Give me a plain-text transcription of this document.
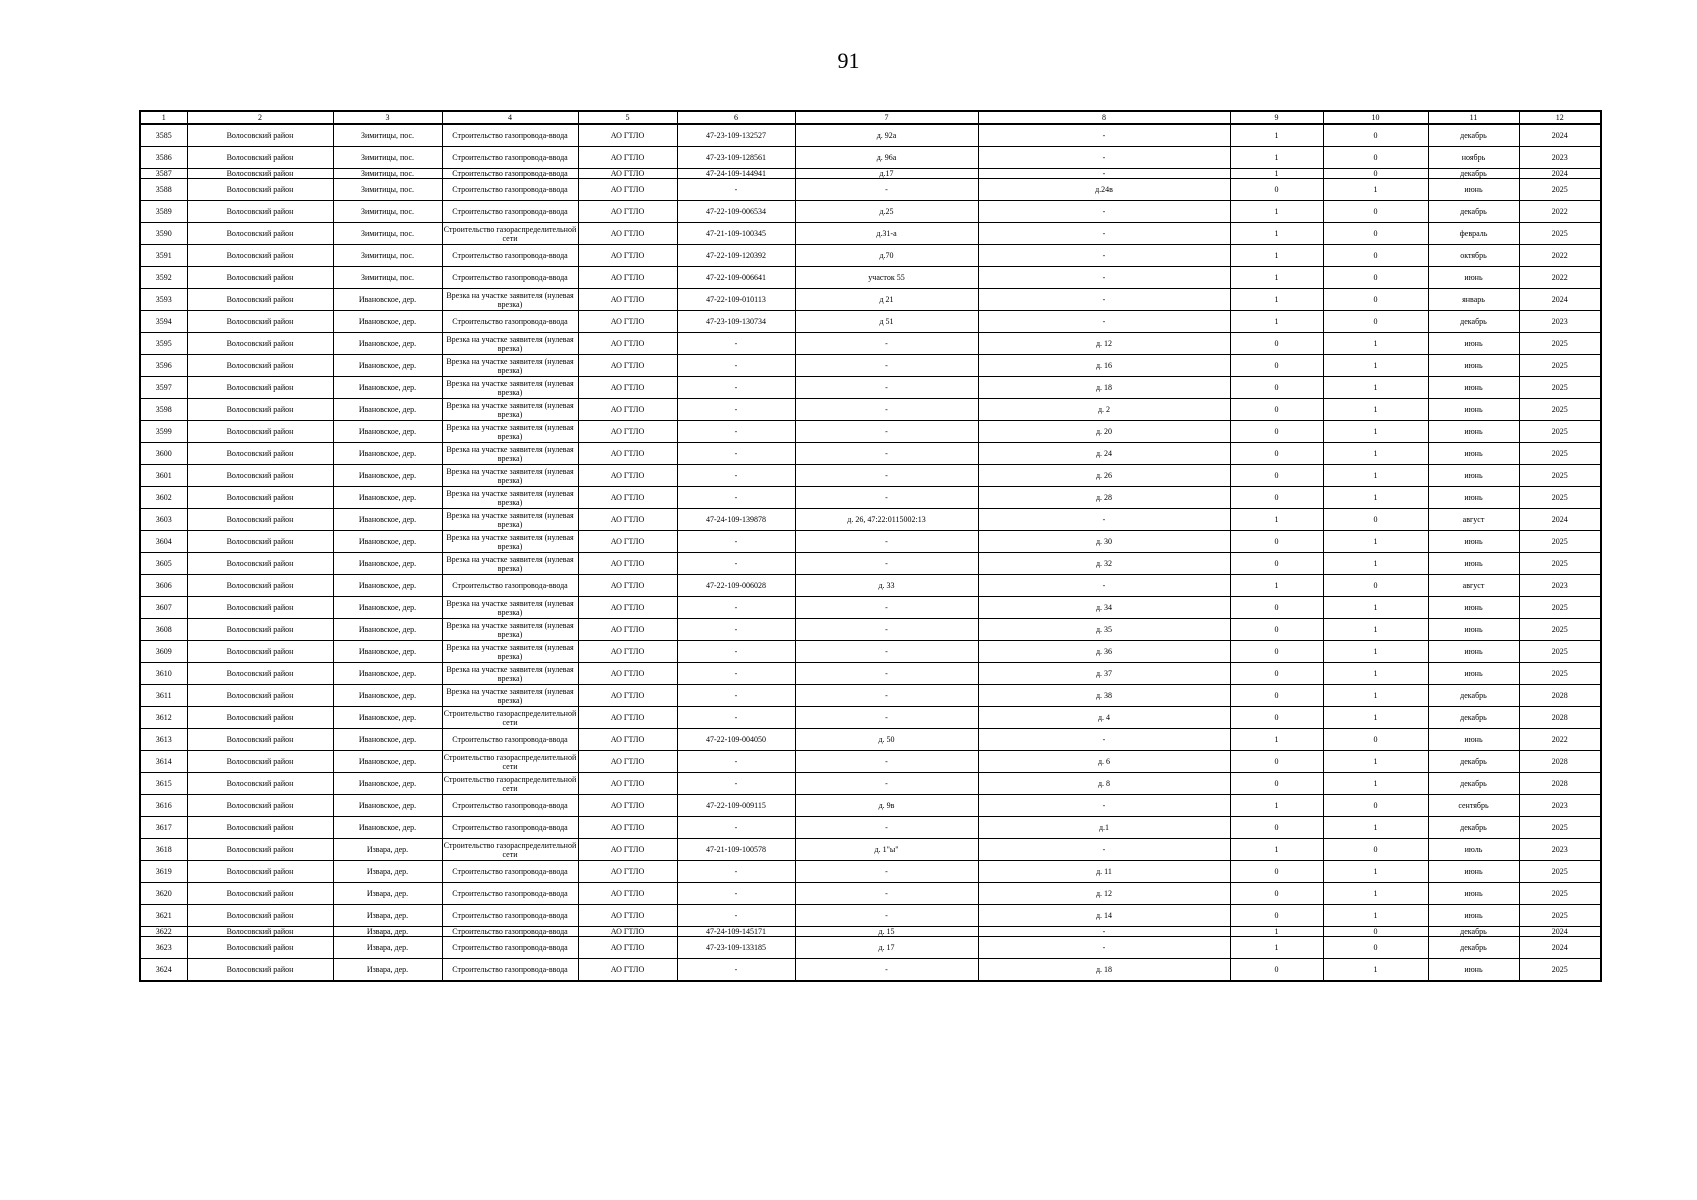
91
1	2	3	4	5	6	7	8	9	10	11	12
3585	Волосовский район	Зимитицы, пос.	Строительство газопровода-ввода	АО ГТЛО	47-23-109-132527	д. 92а	-	1	0	декабрь	2024
3586	Волосовский район	Зимитицы, пос.	Строительство газопровода-ввода	АО ГТЛО	47-23-109-128561	д. 96а	-	1	0	ноябрь	2023
3587	Волосовский район	Зимитицы, пос.	Строительство газопровода-ввода	АО ГТЛО	47-24-109-144941	д.17	-	1	0	декабрь	2024
3588	Волосовский район	Зимитицы, пос.	Строительство газопровода-ввода	АО ГТЛО	-	-	д.24в	0	1	июнь	2025
3589	Волосовский район	Зимитицы, пос.	Строительство газопровода-ввода	АО ГТЛО	47-22-109-006534	д.25	-	1	0	декабрь	2022
3590	Волосовский район	Зимитицы, пос.	Строительство газораспределительной сети	АО ГТЛО	47-21-109-100345	д.31-а	-	1	0	февраль	2025
3591	Волосовский район	Зимитицы, пос.	Строительство газопровода-ввода	АО ГТЛО	47-22-109-120392	д.70	-	1	0	октябрь	2022
3592	Волосовский район	Зимитицы, пос.	Строительство газопровода-ввода	АО ГТЛО	47-22-109-006641	участок 55	-	1	0	июнь	2022
3593	Волосовский район	Ивановское, дер.	Врезка на участке заявителя (нулевая врезка)	АО ГТЛО	47-22-109-010113	д 21	-	1	0	январь	2024
3594	Волосовский район	Ивановское, дер.	Строительство газопровода-ввода	АО ГТЛО	47-23-109-130734	д 51	-	1	0	декабрь	2023
3595	Волосовский район	Ивановское, дер.	Врезка на участке заявителя (нулевая врезка)	АО ГТЛО	-	-	д. 12	0	1	июнь	2025
3596	Волосовский район	Ивановское, дер.	Врезка на участке заявителя (нулевая врезка)	АО ГТЛО	-	-	д. 16	0	1	июнь	2025
3597	Волосовский район	Ивановское, дер.	Врезка на участке заявителя (нулевая врезка)	АО ГТЛО	-	-	д. 18	0	1	июнь	2025
3598	Волосовский район	Ивановское, дер.	Врезка на участке заявителя (нулевая врезка)	АО ГТЛО	-	-	д. 2	0	1	июнь	2025
3599	Волосовский район	Ивановское, дер.	Врезка на участке заявителя (нулевая врезка)	АО ГТЛО	-	-	д. 20	0	1	июнь	2025
3600	Волосовский район	Ивановское, дер.	Врезка на участке заявителя (нулевая врезка)	АО ГТЛО	-	-	д. 24	0	1	июнь	2025
3601	Волосовский район	Ивановское, дер.	Врезка на участке заявителя (нулевая врезка)	АО ГТЛО	-	-	д. 26	0	1	июнь	2025
3602	Волосовский район	Ивановское, дер.	Врезка на участке заявителя (нулевая врезка)	АО ГТЛО	-	-	д. 28	0	1	июнь	2025
3603	Волосовский район	Ивановское, дер.	Врезка на участке заявителя (нулевая врезка)	АО ГТЛО	47-24-109-139878	д. 26, 47:22:0115002:13	-	1	0	август	2024
3604	Волосовский район	Ивановское, дер.	Врезка на участке заявителя (нулевая врезка)	АО ГТЛО	-	-	д. 30	0	1	июнь	2025
3605	Волосовский район	Ивановское, дер.	Врезка на участке заявителя (нулевая врезка)	АО ГТЛО	-	-	д. 32	0	1	июнь	2025
3606	Волосовский район	Ивановское, дер.	Строительство газопровода-ввода	АО ГТЛО	47-22-109-006028	д. 33	-	1	0	август	2023
3607	Волосовский район	Ивановское, дер.	Врезка на участке заявителя (нулевая врезка)	АО ГТЛО	-	-	д. 34	0	1	июнь	2025
3608	Волосовский район	Ивановское, дер.	Врезка на участке заявителя (нулевая врезка)	АО ГТЛО	-	-	д. 35	0	1	июнь	2025
3609	Волосовский район	Ивановское, дер.	Врезка на участке заявителя (нулевая врезка)	АО ГТЛО	-	-	д. 36	0	1	июнь	2025
3610	Волосовский район	Ивановское, дер.	Врезка на участке заявителя (нулевая врезка)	АО ГТЛО	-	-	д. 37	0	1	июнь	2025
3611	Волосовский район	Ивановское, дер.	Врезка на участке заявителя (нулевая врезка)	АО ГТЛО	-	-	д. 38	0	1	декабрь	2028
3612	Волосовский район	Ивановское, дер.	Строительство газораспределительной сети	АО ГТЛО	-	-	д. 4	0	1	декабрь	2028
3613	Волосовский район	Ивановское, дер.	Строительство газопровода-ввода	АО ГТЛО	47-22-109-004050	д. 50	-	1	0	июнь	2022
3614	Волосовский район	Ивановское, дер.	Строительство газораспределительной сети	АО ГТЛО	-	-	д. 6	0	1	декабрь	2028
3615	Волосовский район	Ивановское, дер.	Строительство газораспределительной сети	АО ГТЛО	-	-	д. 8	0	1	декабрь	2028
3616	Волосовский район	Ивановское, дер.	Строительство газопровода-ввода	АО ГТЛО	47-22-109-009115	д. 9в	-	1	0	сентябрь	2023
3617	Волосовский район	Ивановское, дер.	Строительство газопровода-ввода	АО ГТЛО	-	-	д.1	0	1	декабрь	2025
3618	Волосовский район	Извара, дер.	Строительство газораспределительной сети	АО ГТЛО	47-21-109-100578	д. 1"ы"	-	1	0	июль	2023
3619	Волосовский район	Извара, дер.	Строительство газопровода-ввода	АО ГТЛО	-	-	д. 11	0	1	июнь	2025
3620	Волосовский район	Извара, дер.	Строительство газопровода-ввода	АО ГТЛО	-	-	д. 12	0	1	июнь	2025
3621	Волосовский район	Извара, дер.	Строительство газопровода-ввода	АО ГТЛО	-	-	д. 14	0	1	июнь	2025
3622	Волосовский район	Извара, дер.	Строительство газопровода-ввода	АО ГТЛО	47-24-109-145171	д. 15	-	1	0	декабрь	2024
3623	Волосовский район	Извара, дер.	Строительство газопровода-ввода	АО ГТЛО	47-23-109-133185	д. 17	-	1	0	декабрь	2024
3624	Волосовский район	Извара, дер.	Строительство газопровода-ввода	АО ГТЛО	-	-	д. 18	0	1	июнь	2025
